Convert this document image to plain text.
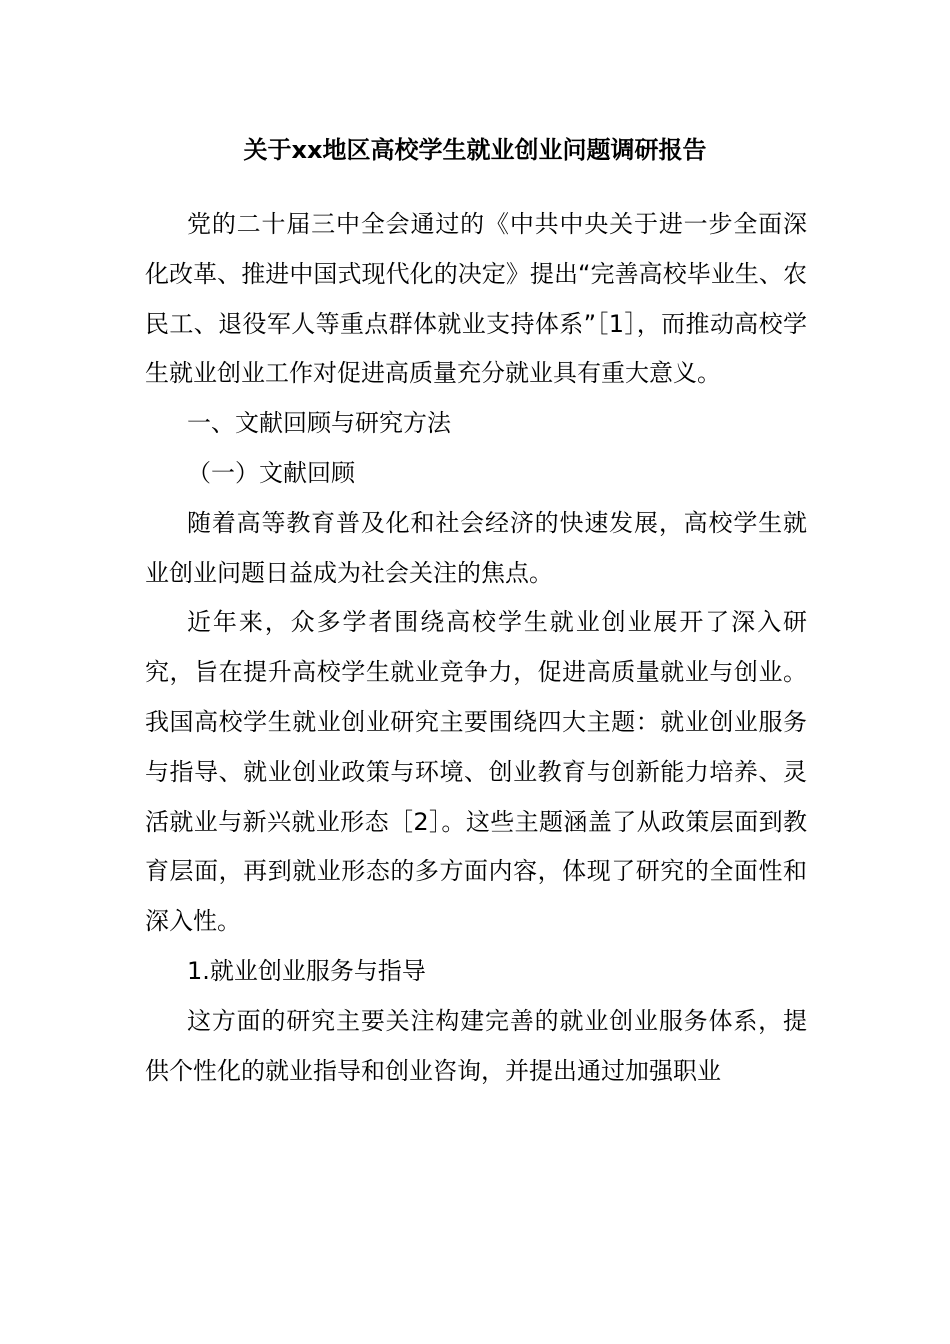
关于xx地区高校学生就业创业问题调研报告

党的二十届三中全会通过的《中共中央关于进一步全面深化改革、推进中国式现代化的决定》提出“完善高校毕业生、农民工、退役军人等重点群体就业支持体系”［1］，而推动高校学生就业创业工作对促进高质量充分就业具有重大意义。

一、文献回顾与研究方法

（一）文献回顾

随着高等教育普及化和社会经济的快速发展，高校学生就业创业问题日益成为社会关注的焦点。

近年来，众多学者围绕高校学生就业创业展开了深入研究，旨在提升高校学生就业竞争力，促进高质量就业与创业。我国高校学生就业创业研究主要围绕四大主题：就业创业服务与指导、就业创业政策与环境、创业教育与创新能力培养、灵活就业与新兴就业形态［2］。这些主题涵盖了从政策层面到教育层面，再到就业形态的多方面内容，体现了研究的全面性和深入性。

1.就业创业服务与指导

这方面的研究主要关注构建完善的就业创业服务体系，提供个性化的就业指导和创业咨询，并提出通过加强职业
